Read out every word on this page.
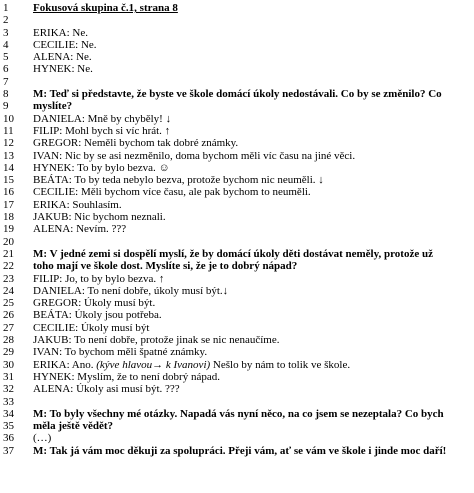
1	Fokusová skupina č.1, strana 8
2
3	ERIKA: Ne.
4	CECILIE: Ne.
5	ALENA: Ne.
6	HYNEK: Ne.
7
8	M: Teď si představte, že byste ve škole domácí úkoly nedostávali. Co by se změnilo? Co
9	myslíte?
10	DANIELA: Mně by chyběly! ↓
11	FILIP: Mohl bych si víc hrát. ↑
12	GREGOR: Neměli bychom tak dobré známky.
13	IVAN: Nic by se asi nezměnilo, doma bychom měli víc času na jiné věci.
14	HYNEK: To by bylo bezva. ☺
15	BEÁTA: To by teda nebylo bezva, protože bychom nic neuměli. ↓
16	CECILIE: Měli bychom více času, ale pak bychom to neuměli.
17	ERIKA: Souhlasím.
18	JAKUB: Nic bychom neznali.
19	ALENA: Nevím. ???
20
21	M: V jedné zemi si dospělí myslí, že by domácí úkoly děti dostávat neměly, protože už
22	toho mají ve škole dost. Myslíte si, že je to dobrý nápad?
23	FILIP: Jo, to by bylo bezva. ↑
24	DANIELA: To není dobře, úkoly musí být.↓
25	GREGOR: Úkoly musí být.
26	BEÁTA: Úkoly jsou potřeba.
27	CECILIE: Úkoly musí být
28	JAKUB: To není dobře, protože jinak se nic nenaučíme.
29	IVAN: To bychom měli špatné známky.
30	ERIKA: Ano. (kýve hlavou→ k Ivanovi) Nešlo by nám to tolik ve škole.
31	HYNEK: Myslím, že to není dobrý nápad.
32	ALENA: Úkoly asi musí být. ???
33
34	M: To byly všechny mé otázky. Napadá vás nyní něco, na co jsem se nezeptala? Co bych
35	měla ještě vědět?
36	(…)
37	M: Tak já vám moc děkuji za spolupráci. Přeji vám, ať se vám ve škole i jinde moc daří!
